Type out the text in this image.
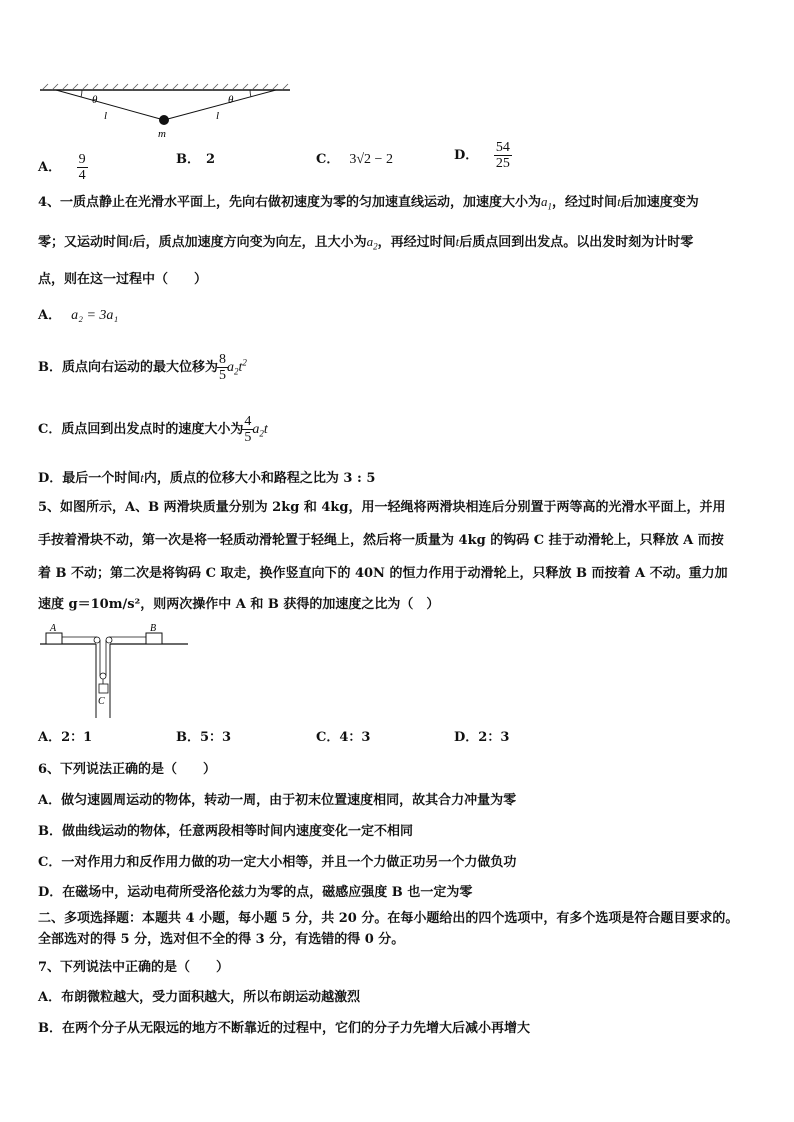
θ	θ
l	l
m
A． $\frac{9}{4}$	B． 2	C． 3√2 − 2	D． $\frac{54}{25}$
4、一质点静止在光滑水平面上，先向右做初速度为零的匀加速直线运动，加速度大小为$a_1$，经过时间t后加速度变为
零；又运动时间t后，质点加速度方向变为向左，且大小为$a_2$，再经过时间t后质点回到出发点。以出发时刻为计时零
点，则在这一过程中（　　）
A． a₂ = 3a₁
B．质点向右运动的最大位移为 $\frac{8}{5} a_2t^2$
C．质点回到出发点时的速度大小为 $\frac{4}{5} a_2t$
D．最后一个时间t内，质点的位移大小和路程之比为 3 : 5
5、如图所示，A、B 两滑块质量分别为 2kg 和 4kg，用一轻绳将两滑块相连后分别置于两等高的光滑水平面上，并用
手按着滑块不动，第一次是将一轻质动滑轮置于轻绳上，然后将一质量为 4kg 的钩码 C 挂于动滑轮上，只释放 A 而按
着 B 不动；第二次是将钩码 C 取走，换作竖直向下的 40N 的恒力作用于动滑轮上，只释放 B 而按着 A 不动。重力加
速度 g＝10m/s²，则两次操作中 A 和 B 获得的加速度之比为（　）
A	B
C
A．2：1	B．5：3	C．4：3	D．2：3
6、下列说法正确的是（　　）
A．做匀速圆周运动的物体，转动一周，由于初末位置速度相同，故其合力冲量为零
B．做曲线运动的物体，任意两段相等时间内速度变化一定不相同
C．一对作用力和反作用力做的功一定大小相等，并且一个力做正功另一个力做负功
D．在磁场中，运动电荷所受洛伦兹力为零的点，磁感应强度 B 也一定为零
二、多项选择题：本题共 4 小题，每小题 5 分，共 20 分。在每小题给出的四个选项中，有多个选项是符合题目要求的。
全部选对的得 5 分，选对但不全的得 3 分，有选错的得 0 分。
7、下列说法中正确的是（　　）
A．布朗微粒越大，受力面积越大，所以布朗运动越激烈
B．在两个分子从无限远的地方不断靠近的过程中，它们的分子力先增大后减小再增大
